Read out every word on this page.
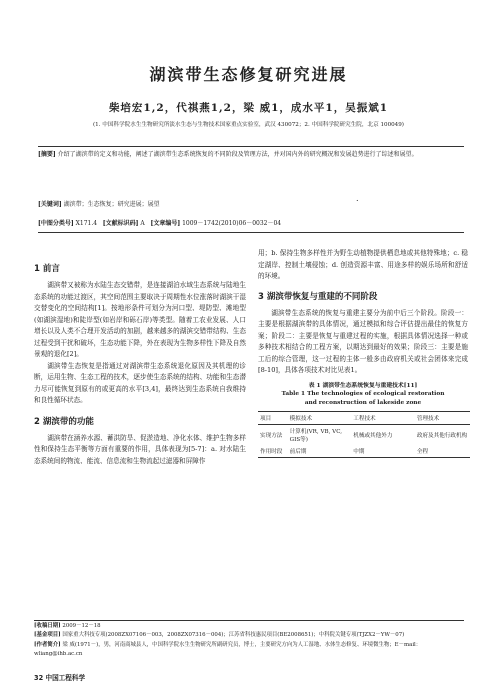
湖滨带生态修复研究进展
柴培宏1,2，代祺燕1,2，梁 威1，成水平1，吴振斌1
(1. 中国科学院水生生物研究所淡水生态与生物技术国家重点实验室，武汉 430072；2. 中国科学院研究生院，北京 100049)
[摘要] 介绍了湖滨带的定义和功能，阐述了湖滨带生态系统恢复的不同阶段及管理方法，并对国内外的研究概况和发展趋势进行了综述和展望。
.
[关键词] 湖滨带；生态恢复；研究进展；展望
[中图分类号] X171.4 [文献标识码] A [文章编号] 1009－1742(2010)06－0032－04
1 前言
湖滨带又被称为水陆生态交错带，是连接湖泊水域生态系统与陆地生态系统的功能过渡区，其空间范围主要取决于周期性水位涨落时湖滨干湿交替变化的空间结构[1]。按地形条件可划分为河口型、堤防型、滩地型(如湖滨湿地)和陡岸型(如岩岸和砾石岸)等类型。随着工农业发展、人口增长以及人类不合理开发活动的加剧，越来越多的湖滨交错带结构、生态过程受到干扰和破坏，生态功能下降，外在表现为生物多样性下降及自然景观的退化[2]。
湖滨带生态恢复是指通过对湖滨带生态系统退化原因及其机理的诊断，运用生物、生态工程的技术，逐步使生态系统的结构、功能和生态潜力尽可能恢复到原有的或更高的水平[3,4]，最终达到生态系统自我维持和良性循环状态。
2 湖滨带的功能
湖滨带在涵养水源、蓄洪防旱、促淤造地、净化水体、维护生物多样性和保持生态平衡等方面有重要的作用，具体表现为[5-7]：a. 对水陆生态系统间的物流、能流、信息流和生物流起过滤器和屏障作
用；b. 保持生物多样性并为野生动植物提供栖息地或其他特殊地；c. 稳定湖岸、控制土壤侵蚀；d. 创造资源丰富、用途多样的娱乐场所和舒适的环境。
3 湖滨带恢复与重建的不同阶段
湖滨带生态系统的恢复与重建主要分为前中后三个阶段。阶段一：主要是根据湖滨带的具体情况，通过模拟和综合评估提出最佳的恢复方案；阶段二：主要是恢复与重建过程的实施，根据具体情况选择一种或多种技术相结合的工程方案，以期达到最好的效果；阶段三：主要是施工后的综合管理，这一过程的主体一般多由政府机关或社会团体来完成[8-10]，具体各项技术对比见表1。
表 1 湖滨带生态系统恢复与重建技术[11]
Table 1 The technologies of ecological restoration
and reconstruction of lakeside zone
项目	模拟技术	工程技术	管理技术
实现方法	计算机(VR, VB, VC, GIS等)	机械或其他外力	政府及其他行政机构
作用时段	前后期	中期	全程
[收稿日期] 2009－12－18
[基金项目] 国家重大科技专项(2008ZX07106－003，2008ZX07316－004)；江苏省科技惠民项目(BE2008651)；中科院关键专项(TJZX2－YW－07)
[作者简介] 梁 威(1971－)，男，河南商城县人，中国科学院水生生物研究所副研究员，博士，主要研究方向为人工湿地、水体生态修复、环境微生物；E－mail：wliang@ihb.ac.cn
32 中国工程科学
